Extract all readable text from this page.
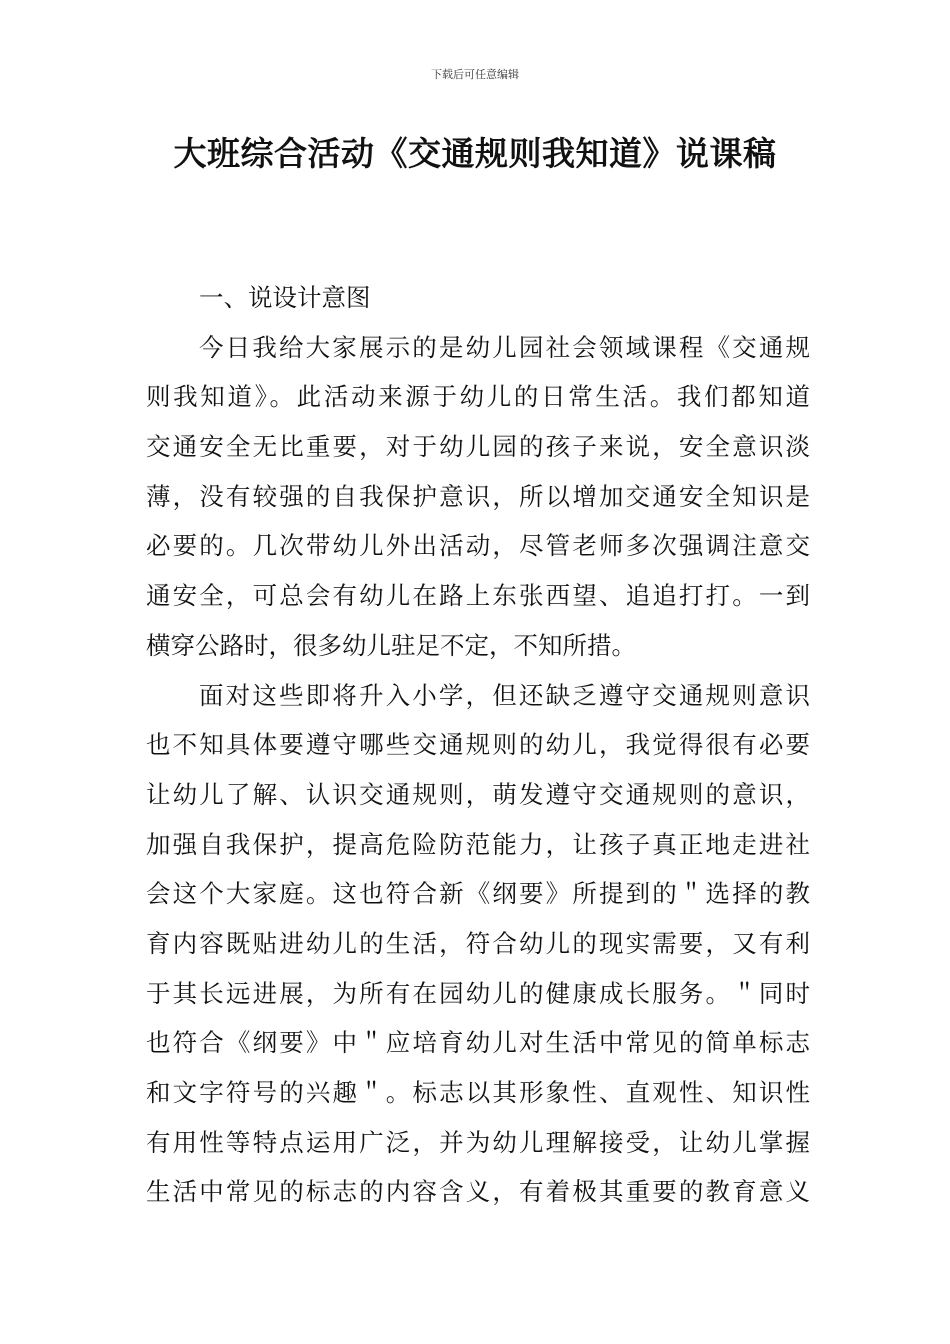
下载后可任意编辑
大班综合活动《交通规则我知道》说课稿
一、说设计意图
今日我给大家展示的是幼儿园社会领域课程《交通规
则我知道》。此活动来源于幼儿的日常生活。我们都知道
交通安全无比重要，对于幼儿园的孩子来说，安全意识淡
薄，没有较强的自我保护意识，所以增加交通安全知识是
必要的。几次带幼儿外出活动，尽管老师多次强调注意交
通安全，可总会有幼儿在路上东张西望、追追打打。一到
横穿公路时，很多幼儿驻足不定，不知所措。
面对这些即将升入小学，但还缺乏遵守交通规则意识
也不知具体要遵守哪些交通规则的幼儿，我觉得很有必要
让幼儿了解、认识交通规则，萌发遵守交通规则的意识，
加强自我保护，提高危险防范能力，让孩子真正地走进社
会这个大家庭。这也符合新《纲要》所提到的＂选择的教
育内容既贴进幼儿的生活，符合幼儿的现实需要，又有利
于其长远进展，为所有在园幼儿的健康成长服务。＂同时
也符合《纲要》中＂应培育幼儿对生活中常见的简单标志
和文字符号的兴趣＂。标志以其形象性、直观性、知识性
有用性等特点运用广泛，并为幼儿理解接受，让幼儿掌握
生活中常见的标志的内容含义，有着极其重要的教育意义
